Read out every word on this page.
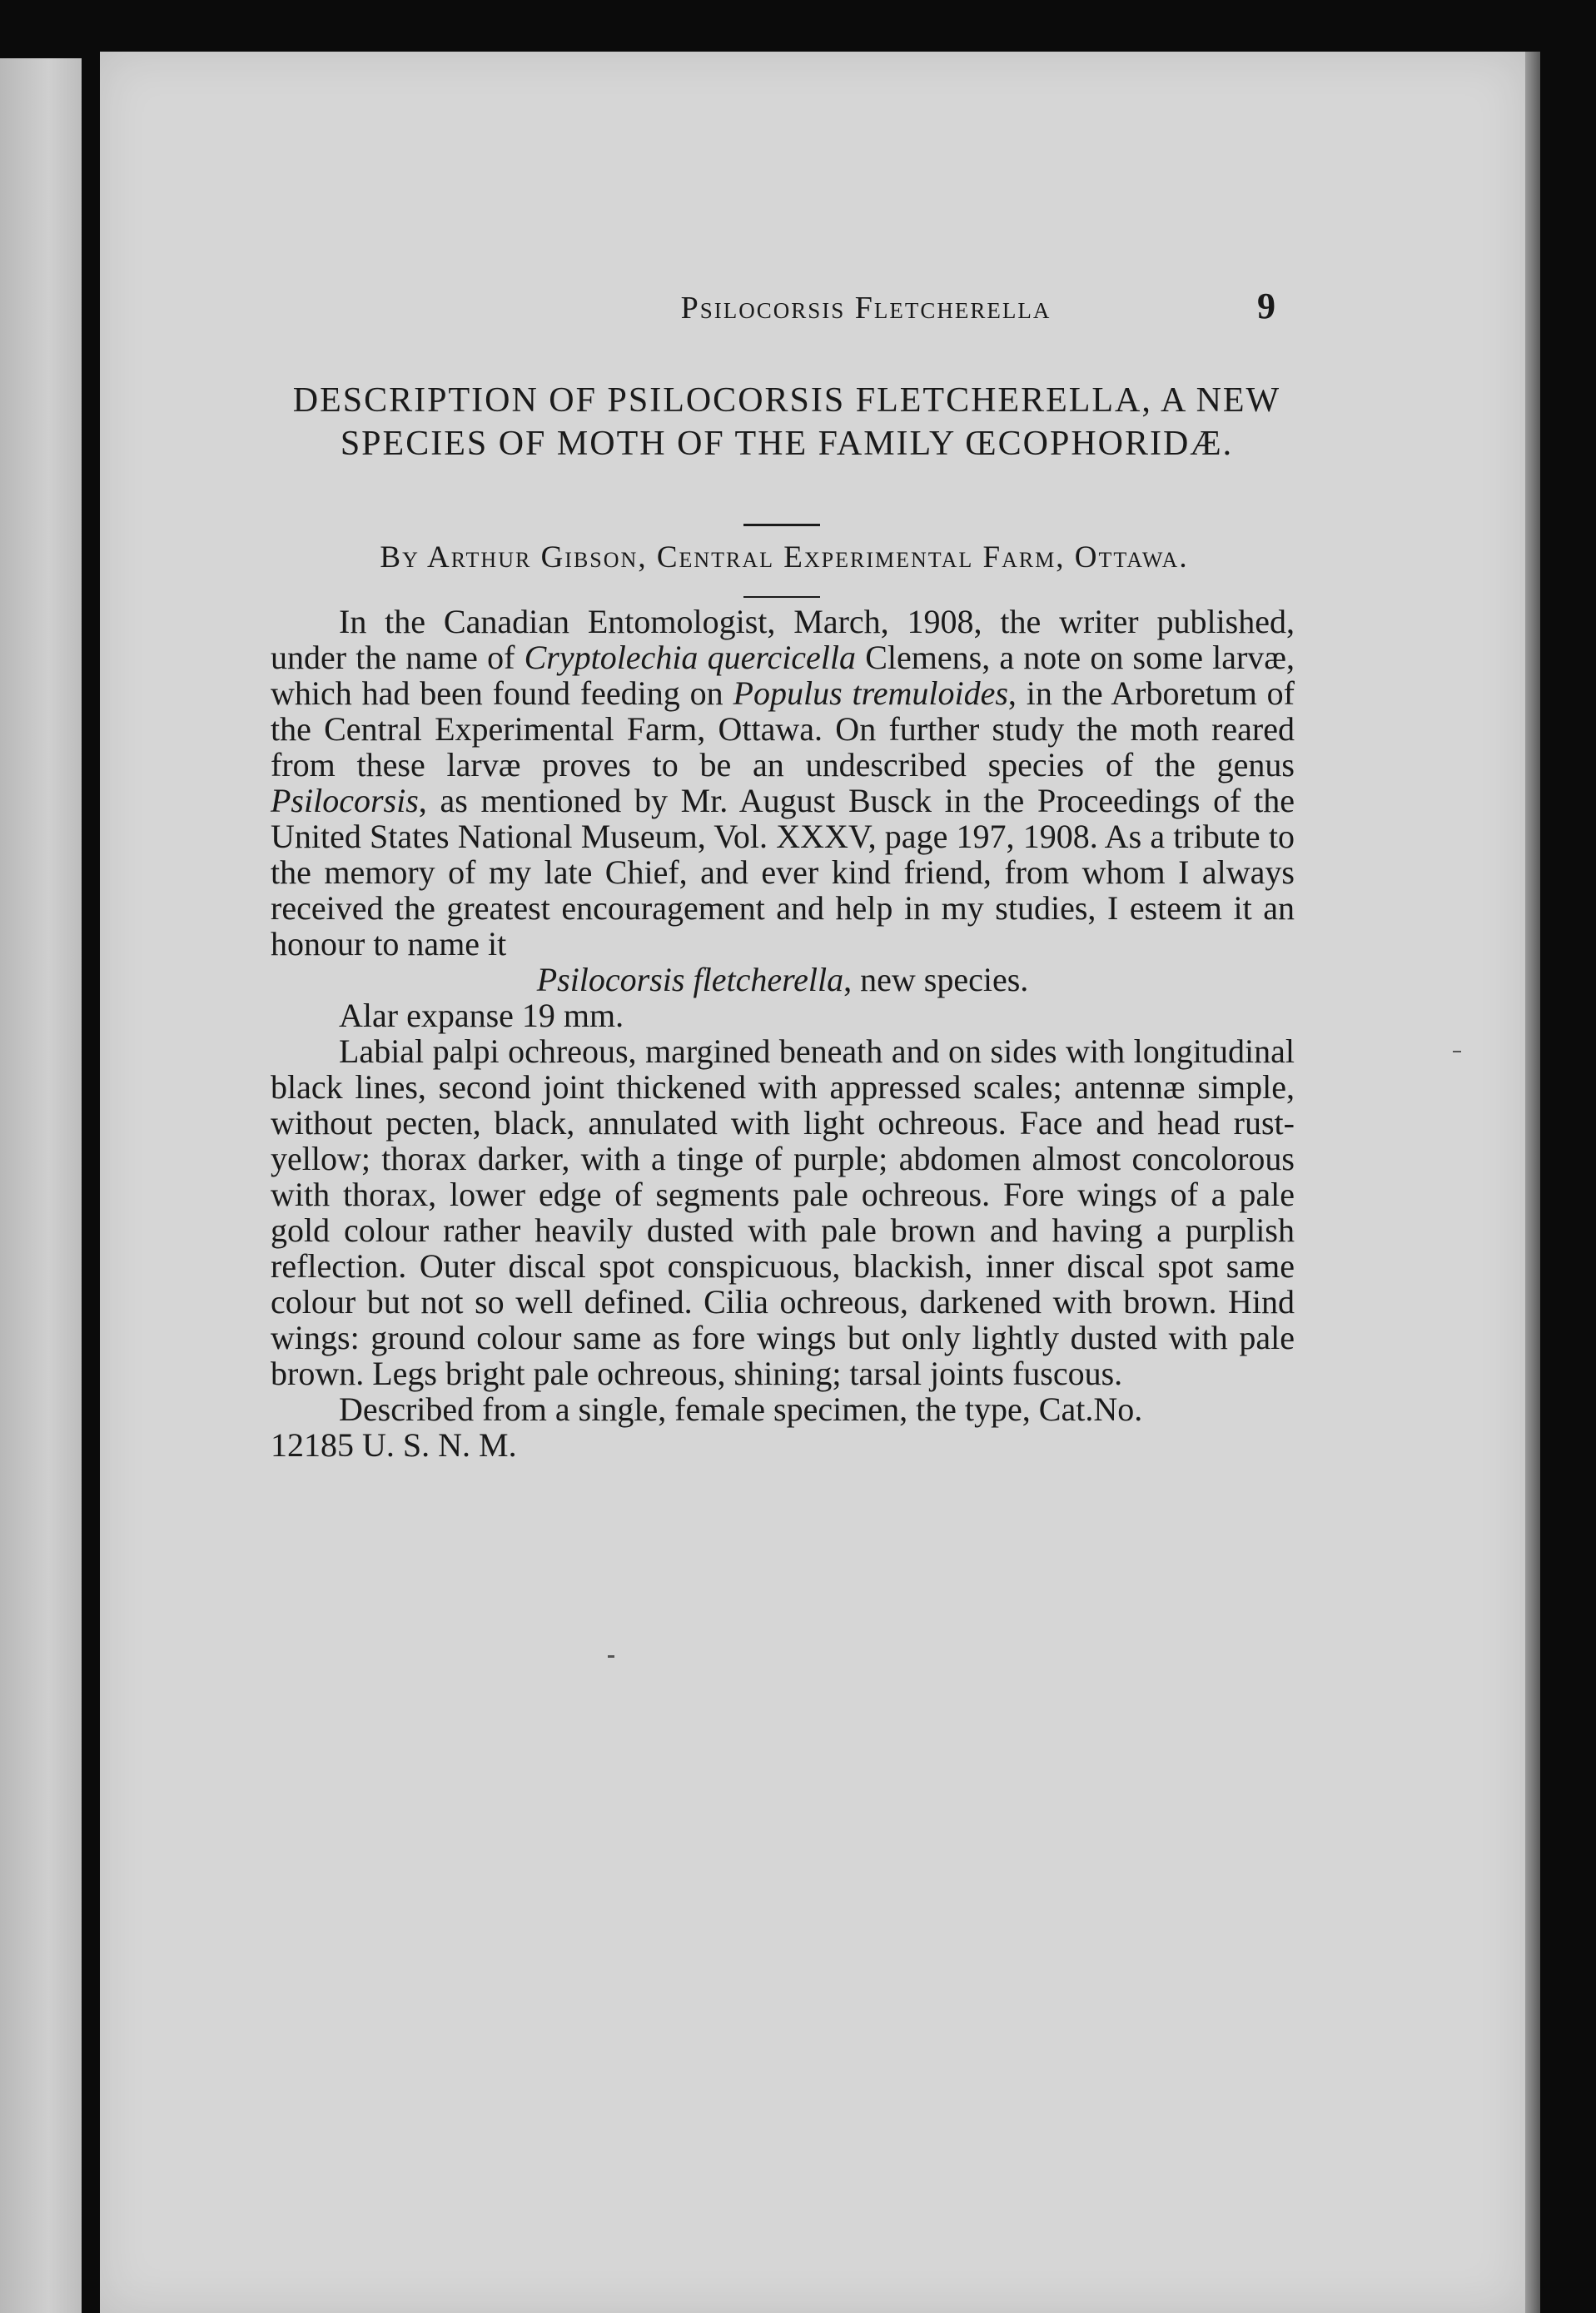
Psilocorsis Fletcherella	9
DESCRIPTION OF PSILOCORSIS FLETCHERELLA, A NEW SPECIES OF MOTH OF THE FAMILY ŒCOPHORIDÆ.
By Arthur Gibson, Central Experimental Farm, Ottawa.

In the Canadian Entomologist, March, 1908, the writer published, under the name of Cryptolechia quercicella Clemens, a note on some larvæ, which had been found feeding on Populus tremuloides, in the Arboretum of the Central Experimental Farm, Ottawa. On further study the moth reared from these larvæ proves to be an undescribed species of the genus Psilocorsis, as mentioned by Mr. August Busck in the Proceedings of the United States National Museum, Vol. XXXV, page 197, 1908. As a tribute to the memory of my late Chief, and ever kind friend, from whom I always received the greatest encouragement and help in my studies, I esteem it an honour to name it

Psilocorsis fletcherella, new species.

Alar expanse 19 mm.

Labial palpi ochreous, margined beneath and on sides with longitudinal black lines, second joint thickened with appressed scales; antennæ simple, without pecten, black, annulated with light ochreous. Face and head rust-yellow; thorax darker, with a tinge of purple; abdomen almost concolorous with thorax, lower edge of segments pale ochreous. Fore wings of a pale gold colour rather heavily dusted with pale brown and having a purplish reflection. Outer discal spot conspicuous, blackish, inner discal spot same colour but not so well defined. Cilia ochreous, darkened with brown. Hind wings: ground colour same as fore wings but only lightly dusted with pale brown. Legs bright pale ochreous, shining; tarsal joints fuscous.

Described from a single, female specimen, the type, Cat.No.

12185 U. S. N. M.
